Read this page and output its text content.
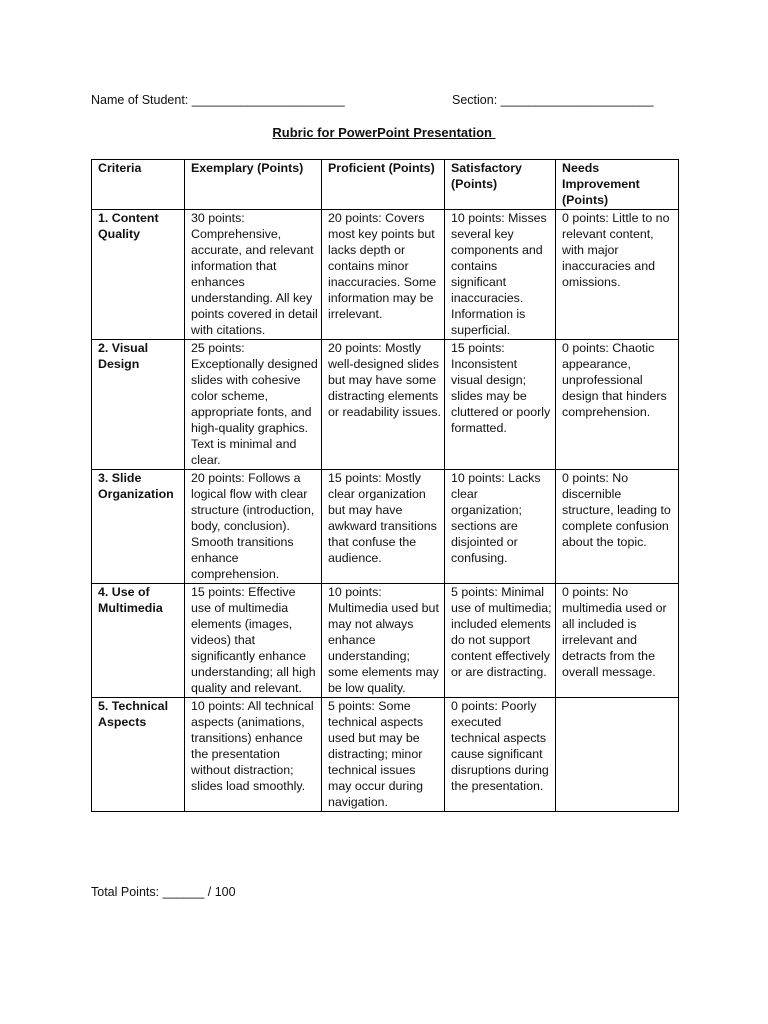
Name of Student: ______________________	Section: ______________________
Rubric for PowerPoint Presentation
Criteria	Exemplary (Points)	Proficient (Points)	Satisfactory (Points)	Needs Improvement (Points)
1. Content Quality	30 points: Comprehensive, accurate, and relevant information that enhances understanding. All key points covered in detail with citations.	20 points: Covers most key points but lacks depth or contains minor inaccuracies. Some information may be irrelevant.	10 points: Misses several key components and contains significant inaccuracies. Information is superficial.	0 points: Little to no relevant content, with major inaccuracies and omissions.
2. Visual Design	25 points: Exceptionally designed slides with cohesive color scheme, appropriate fonts, and high-quality graphics. Text is minimal and clear.	20 points: Mostly well-designed slides but may have some distracting elements or readability issues.	15 points: Inconsistent visual design; slides may be cluttered or poorly formatted.	0 points: Chaotic appearance, unprofessional design that hinders comprehension.
3. Slide Organization	20 points: Follows a logical flow with clear structure (introduction, body, conclusion). Smooth transitions enhance comprehension.	15 points: Mostly clear organization but may have awkward transitions that confuse the audience.	10 points: Lacks clear organization; sections are disjointed or confusing.	0 points: No discernible structure, leading to complete confusion about the topic.
4. Use of Multimedia	15 points: Effective use of multimedia elements (images, videos) that significantly enhance understanding; all high quality and relevant.	10 points: Multimedia used but may not always enhance understanding; some elements may be low quality.	5 points: Minimal use of multimedia; included elements do not support content effectively or are distracting.	0 points: No multimedia used or all included is irrelevant and detracts from the overall message.
5. Technical Aspects	10 points: All technical aspects (animations, transitions) enhance the presentation without distraction; slides load smoothly.	5 points: Some technical aspects used but may be distracting; minor technical issues may occur during navigation.	0 points: Poorly executed technical aspects cause significant disruptions during the presentation.	
Total Points: ______ / 100
